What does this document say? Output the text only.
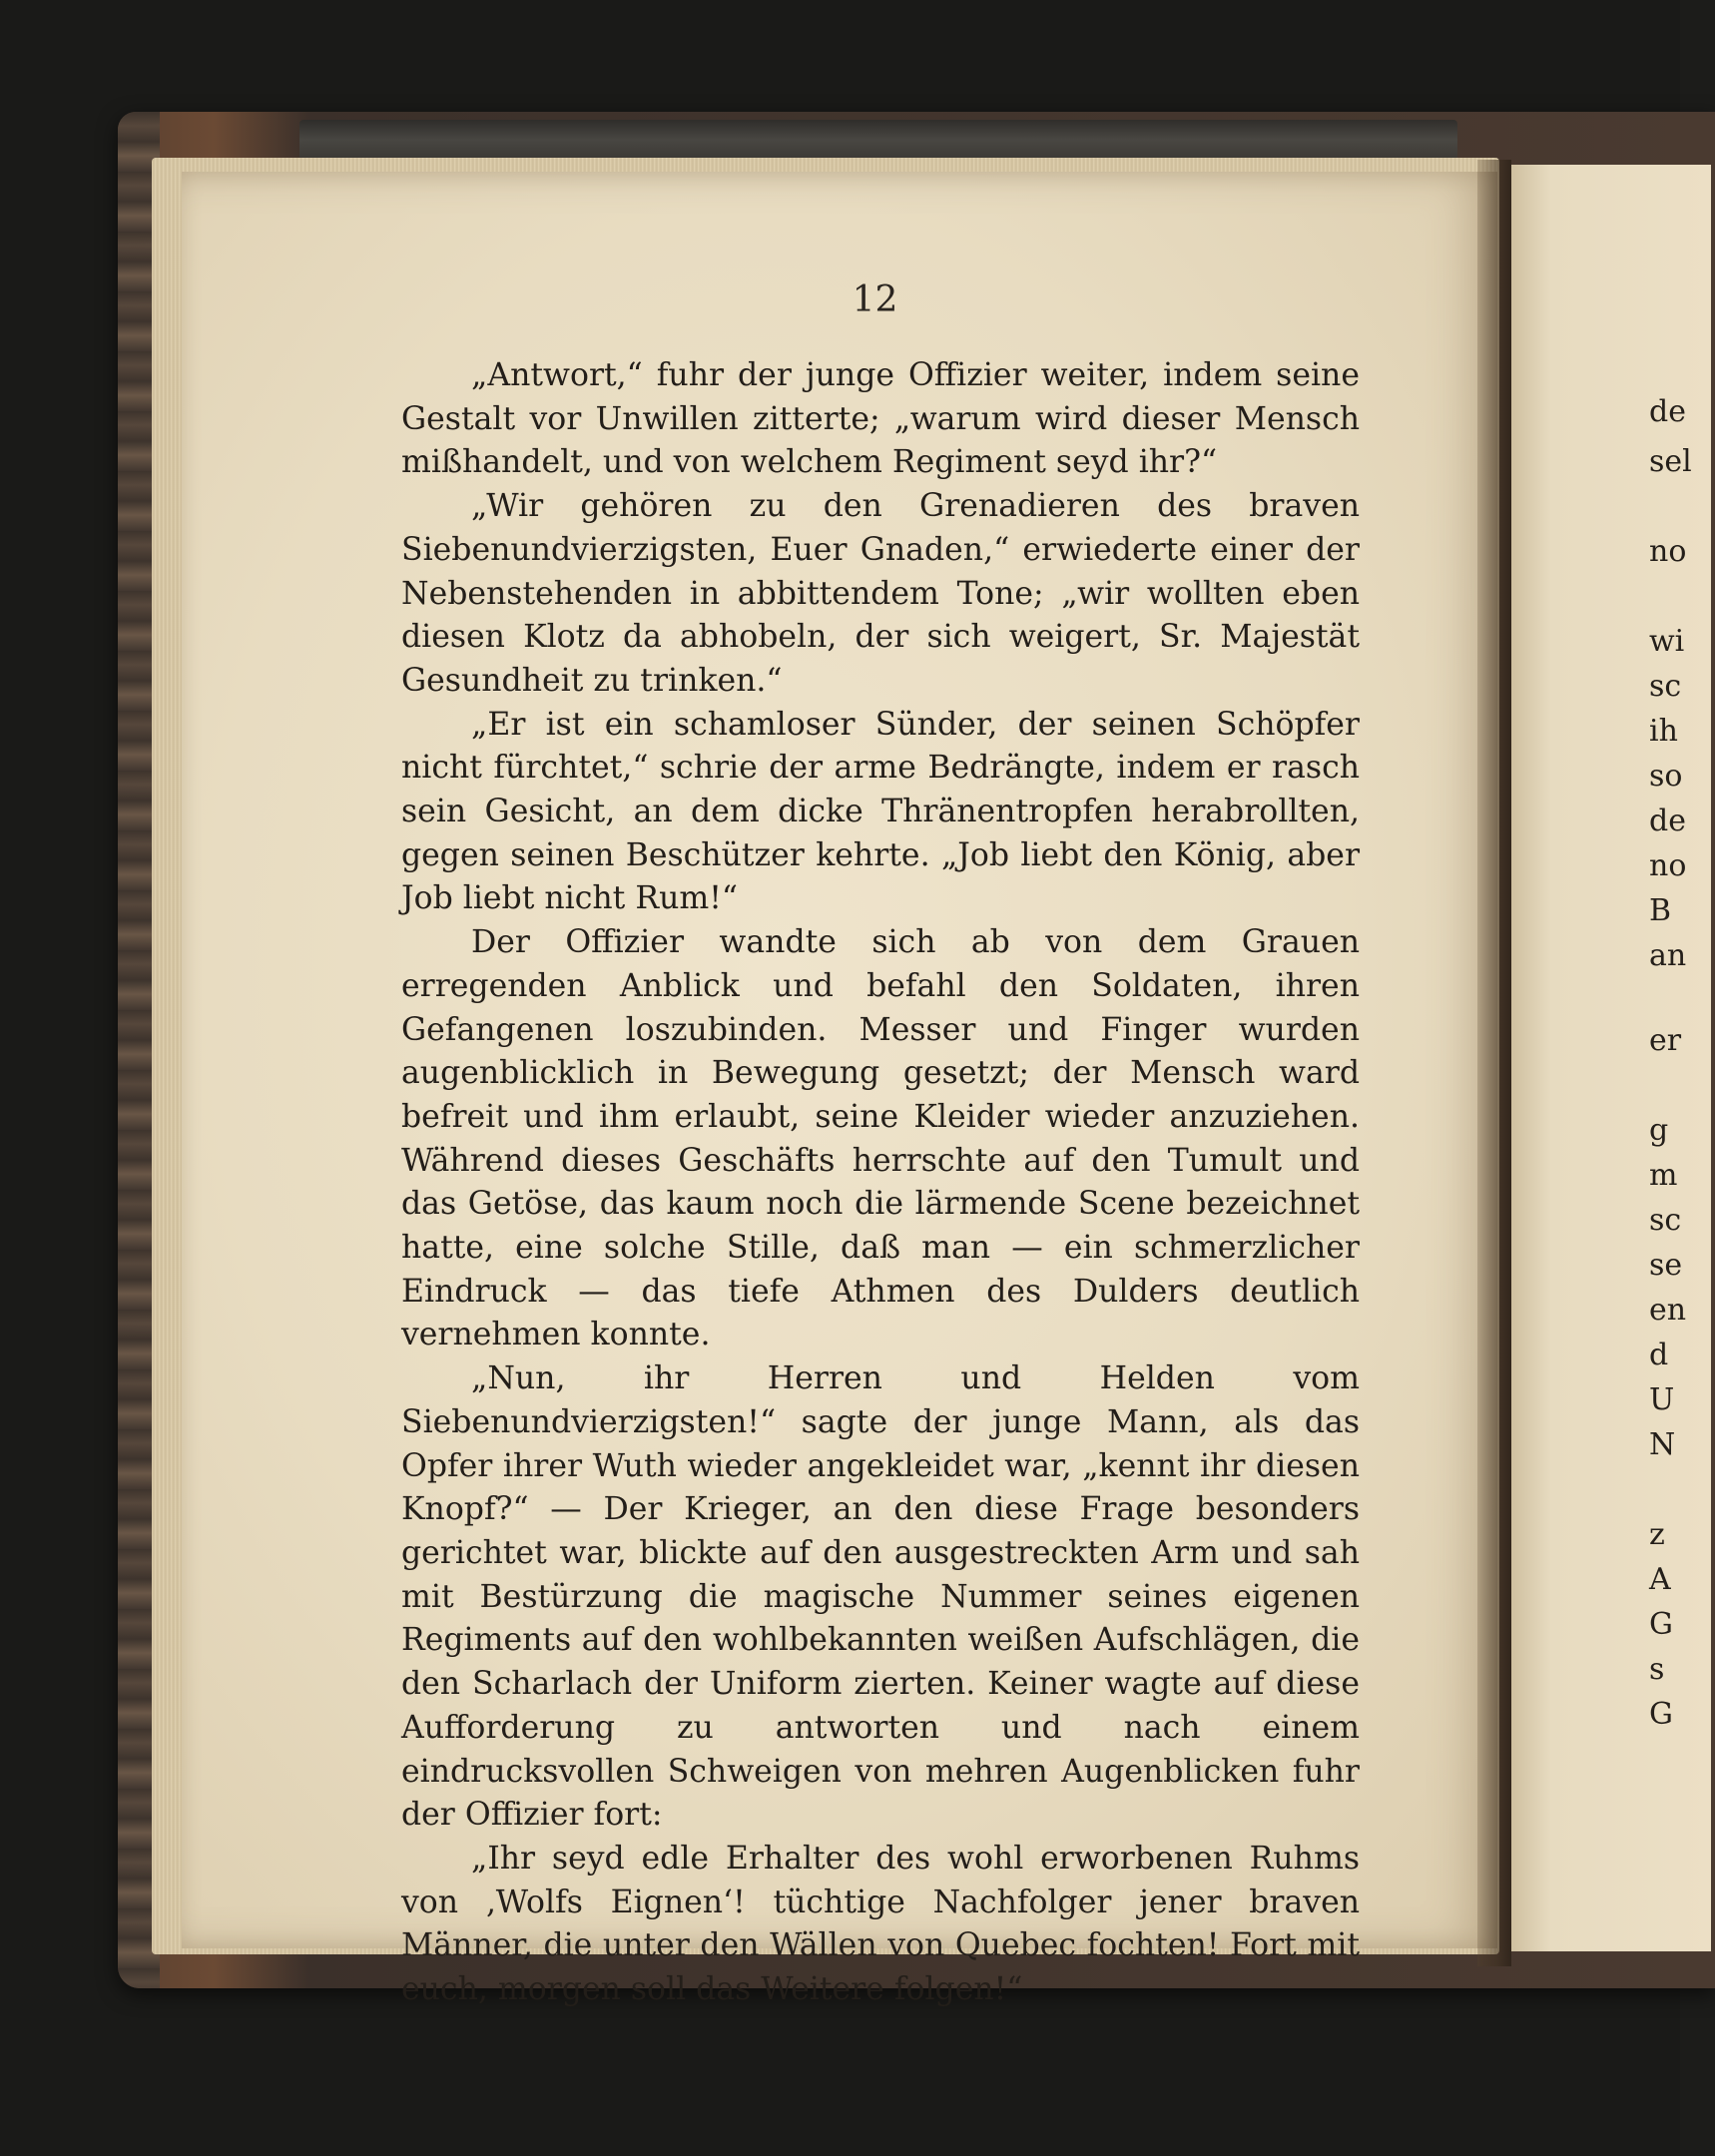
12

„Antwort,“ fuhr der junge Offizier weiter, indem seine Gestalt vor Unwillen zitterte; „warum wird dieser Mensch mißhandelt, und von welchem Regiment seyd ihr?“

„Wir gehören zu den Grenadieren des braven Siebenundvierzigsten, Euer Gnaden,“ erwiederte einer der Nebenstehenden in abbittendem Tone; „wir wollten eben diesen Klotz da abhobeln, der sich weigert, Sr. Majestät Gesundheit zu trinken.“

„Er ist ein schamloser Sünder, der seinen Schöpfer nicht fürchtet,“ schrie der arme Bedrängte, indem er rasch sein Gesicht, an dem dicke Thränentropfen herabrollten, gegen seinen Beschützer kehrte. „Job liebt den König, aber Job liebt nicht Rum!“

Der Offizier wandte sich ab von dem Grauen erregenden Anblick und befahl den Soldaten, ihren Gefangenen loszubinden. Messer und Finger wurden augenblicklich in Bewegung gesetzt; der Mensch ward befreit und ihm erlaubt, seine Kleider wieder anzuziehen. Während dieses Geschäfts herrschte auf den Tumult und das Getöse, das kaum noch die lärmende Scene bezeichnet hatte, eine solche Stille, daß man — ein schmerzlicher Eindruck — das tiefe Athmen des Dulders deutlich vernehmen konnte.

„Nun, ihr Herren und Helden vom Siebenundvierzigsten!“ sagte der junge Mann, als das Opfer ihrer Wuth wieder angekleidet war, „kennt ihr diesen Knopf?“ — Der Krieger, an den diese Frage besonders gerichtet war, blickte auf den ausgestreckten Arm und sah mit Bestürzung die magische Nummer seines eigenen Regiments auf den wohlbekannten weißen Aufschlägen, die den Scharlach der Uniform zierten. Keiner wagte auf diese Aufforderung zu antworten und nach einem eindrucksvollen Schweigen von mehren Augenblicken fuhr der Offizier fort:

„Ihr seyd edle Erhalter des wohl erworbenen Ruhms von ‚Wolfs Eignen‘! tüchtige Nachfolger jener braven Männer, die unter den Wällen von Quebec fochten! Fort mit euch, morgen soll das Weitere folgen!“

de
sel
no
wi
sc
ih
so
de
no
B
an
er
g
m
sc
se
en
d
U
N
z
A
G
s
G
